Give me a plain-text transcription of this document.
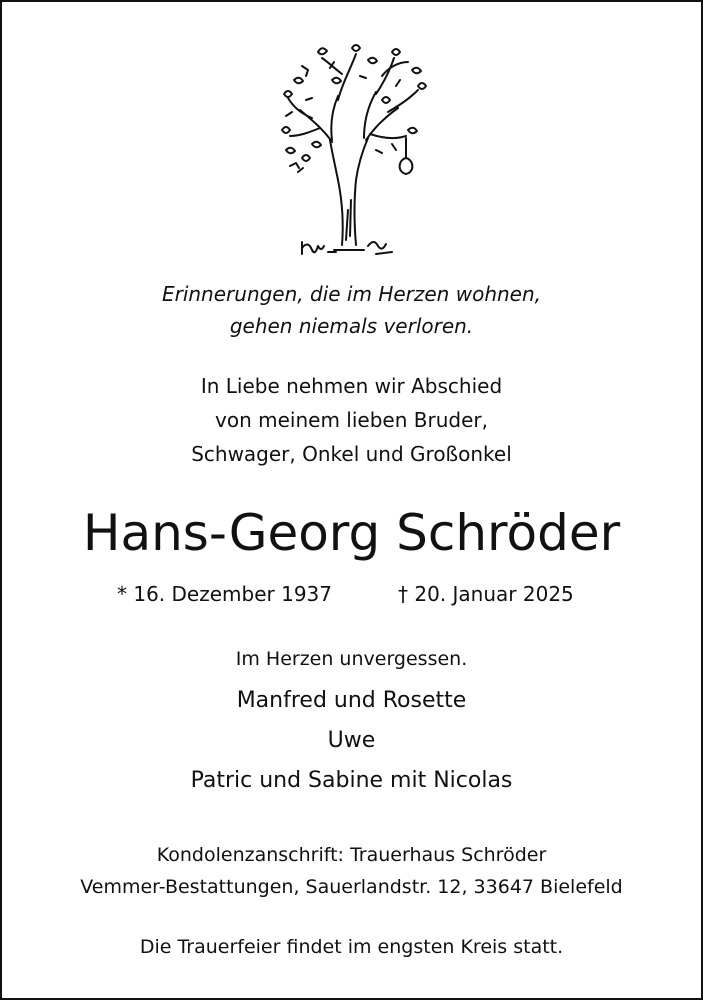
Erinnerungen, die im Herzen wohnen,
gehen niemals verloren.
In Liebe nehmen wir Abschied
von meinem lieben Bruder,
Schwager, Onkel und Großonkel
Hans-Georg Schröder
* 16. Dezember 1937	† 20. Januar 2025
Im Herzen unvergessen.
Manfred und Rosette
Uwe
Patric und Sabine mit Nicolas
Kondolenzanschrift: Trauerhaus Schröder
Vemmer-Bestattungen, Sauerlandstr. 12, 33647 Bielefeld
Die Trauerfeier findet im engsten Kreis statt.
